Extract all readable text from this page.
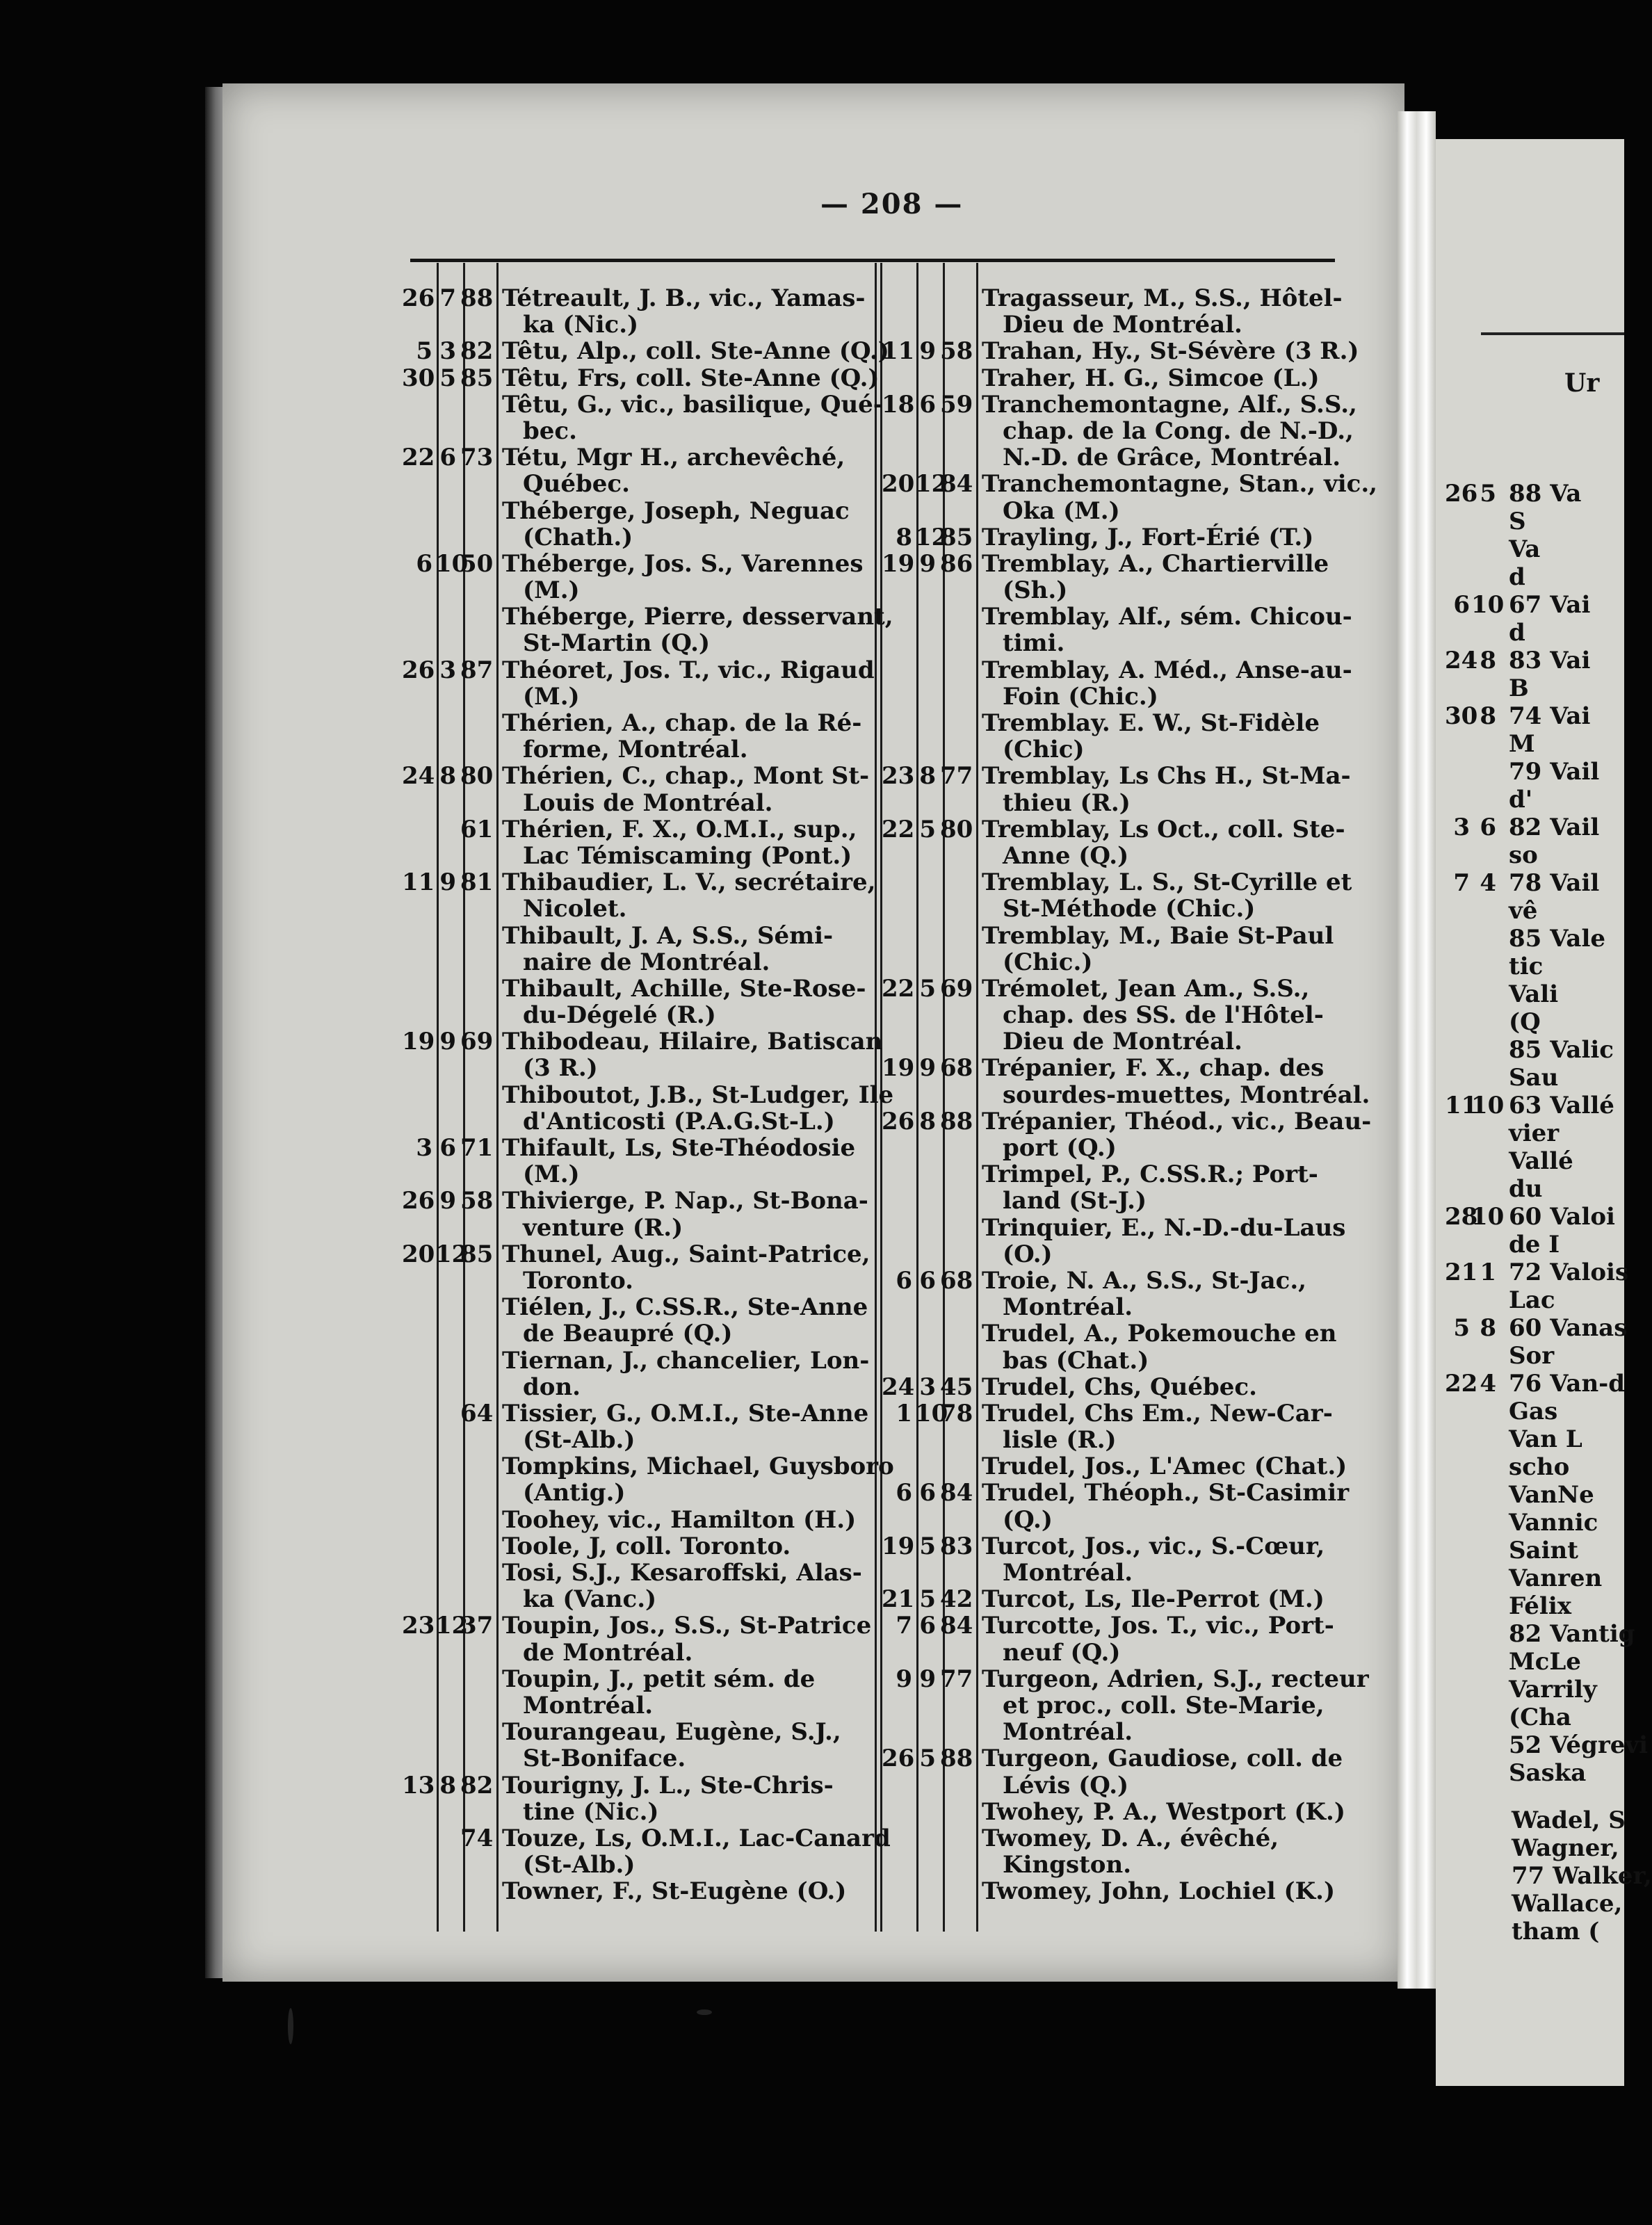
— 208 —
26 7 88 Tétreault, J. B., vic., Yamas-
ka (Nic.)
5 3 82 Têtu, Alp., coll. Ste-Anne (Q.)
30 5 85 Têtu, Frs, coll. Ste-Anne (Q.)
Têtu, G., vic., basilique, Qué-
bec.
22 6 73 Tétu, Mgr H., archevêché,
Québec.
Théberge, Joseph, Neguac
(Chath.)
6 10
50 Théberge, Jos. S., Varennes
(M.)
Théberge, Pierre, desservant,
St-Martin (Q.)
26 3 87 Théoret, Jos. T., vic., Rigaud
(M.)
Thérien, A., chap. de la Ré-
forme, Montréal.
24 8 80 Thérien, C., chap., Mont St-
Louis de Montréal.
61 Thérien, F. X., O.M.I., sup.,
Lac Témiscaming (Pont.)
11 9 81 Thibaudier, L. V., secrétaire,
Nicolet.
Thibault, J. A, S.S., Sémi-
naire de Montréal.
Thibault, Achille, Ste-Rose-
du-Dégelé (R.)
19 9 69 Thibodeau, Hilaire, Batiscan
(3 R.)
Thiboutot, J.B., St-Ludger, Ile
d'Anticosti (P.A.G.St-L.)
3 6 71 Thifault, Ls, Ste-Théodosie
(M.)
26 9 58 Thivierge, P. Nap., St-Bona-
venture (R.)
20 12
85 Thunel, Aug., Saint-Patrice,
Toronto.
Tiélen, J., C.SS.R., Ste-Anne
de Beaupré (Q.)
Tiernan, J., chancelier, Lon-
don.
64 Tissier, G., O.M.I., Ste-Anne
(St-Alb.)
Tompkins, Michael, Guysboro
(Antig.)
Toohey, vic., Hamilton (H.)
Toole, J, coll. Toronto.
Tosi, S.J., Kesaroffski, Alas-
ka (Vanc.)
23 12
37 Toupin, Jos., S.S., St-Patrice
de Montréal.
Toupin, J., petit sém. de
Montréal.
Tourangeau, Eugène, S.J.,
St-Boniface.
13 8 82 Tourigny, J. L., Ste-Chris-
tine (Nic.)
74 Touze, Ls, O.M.I., Lac-Canard
(St-Alb.)
Towner, F., St-Eugène (O.)
Tragasseur, M., S.S., Hôtel-
Dieu de Montréal.
11 9 58 Trahan, Hy., St-Sévère (3 R.)
Traher, H. G., Simcoe (L.)
18 6 59 Tranchemontagne, Alf., S.S.,
chap. de la Cong. de N.-D.,
N.-D. de Grâce, Montréal.
20 12
84 Tranchemontagne, Stan., vic.,
Oka (M.)
8 12
85 Trayling, J., Fort-Érié (T.)
19 9 86 Tremblay, A., Chartierville
(Sh.)
Tremblay, Alf., sém. Chicou-
timi.
Tremblay, A. Méd., Anse-au-
Foin (Chic.)
Tremblay. E. W., St-Fidèle
(Chic)
23 8 77 Tremblay, Ls Chs H., St-Ma-
thieu (R.)
22 5 80 Tremblay, Ls Oct., coll. Ste-
Anne (Q.)
Tremblay, L. S., St-Cyrille et
St-Méthode (Chic.)
Tremblay, M., Baie St-Paul
(Chic.)
22 5 69 Trémolet, Jean Am., S.S.,
chap. des SS. de l'Hôtel-
Dieu de Montréal.
19 9 68 Trépanier, F. X., chap. des
sourdes-muettes, Montréal.
26 8 88 Trépanier, Théod., vic., Beau-
port (Q.)
Trimpel, P., C.SS.R.; Port-
land (St-J.)
Trinquier, E., N.-D.-du-Laus
(O.)
6 6 68 Troie, N. A., S.S., St-Jac.,
Montréal.
Trudel, A., Pokemouche en
bas (Chat.)
24 3 45 Trudel, Chs, Québec.
1 10
78 Trudel, Chs Em., New-Car-
lisle (R.)
Trudel, Jos., L'Amec (Chat.)
6 6 84 Trudel, Théoph., St-Casimir
(Q.)
19 5 83 Turcot, Jos., vic., S.-Cœur,
Montréal.
21 5 42 Turcot, Ls, Ile-Perrot (M.)
7 6 84 Turcotte, Jos. T., vic., Port-
neuf (Q.)
9 9 77 Turgeon, Adrien, S.J., recteur
et proc., coll. Ste-Marie,
Montréal.
26 5 88 Turgeon, Gaudiose, coll. de
Lévis (Q.)
Twohey, P. A., Westport (K.)
Twomey, D. A., évêché,
Kingston.
Twomey, John, Lochiel (K.)
Ur
26 5 88 Va
S
Va
d
6 10 67 Vai
d
24 8 83 Vai
B
30 8 74 Vai
M
79 Vail
d'
3 6 82 Vail
so
7 4 78 Vail
vê
85 Vale
tic
Vali
(Q
85 Valic
Sau
11
10 63 Vallé
vier
Vallé
du
28
10 60 Valoi
de I
21 1 72 Valois
Lac
5 8 60 Vanas
Sor
22 4 76 Van-d
Gas
Van L
scho
VanNe
Vannic
Saint
Vanren
Félix
82 Vantig
McLe
Varrily
(Cha
52 Végrevi
Saska
Wadel, S
Wagner,
77 Walker,
Wallace,
tham (
